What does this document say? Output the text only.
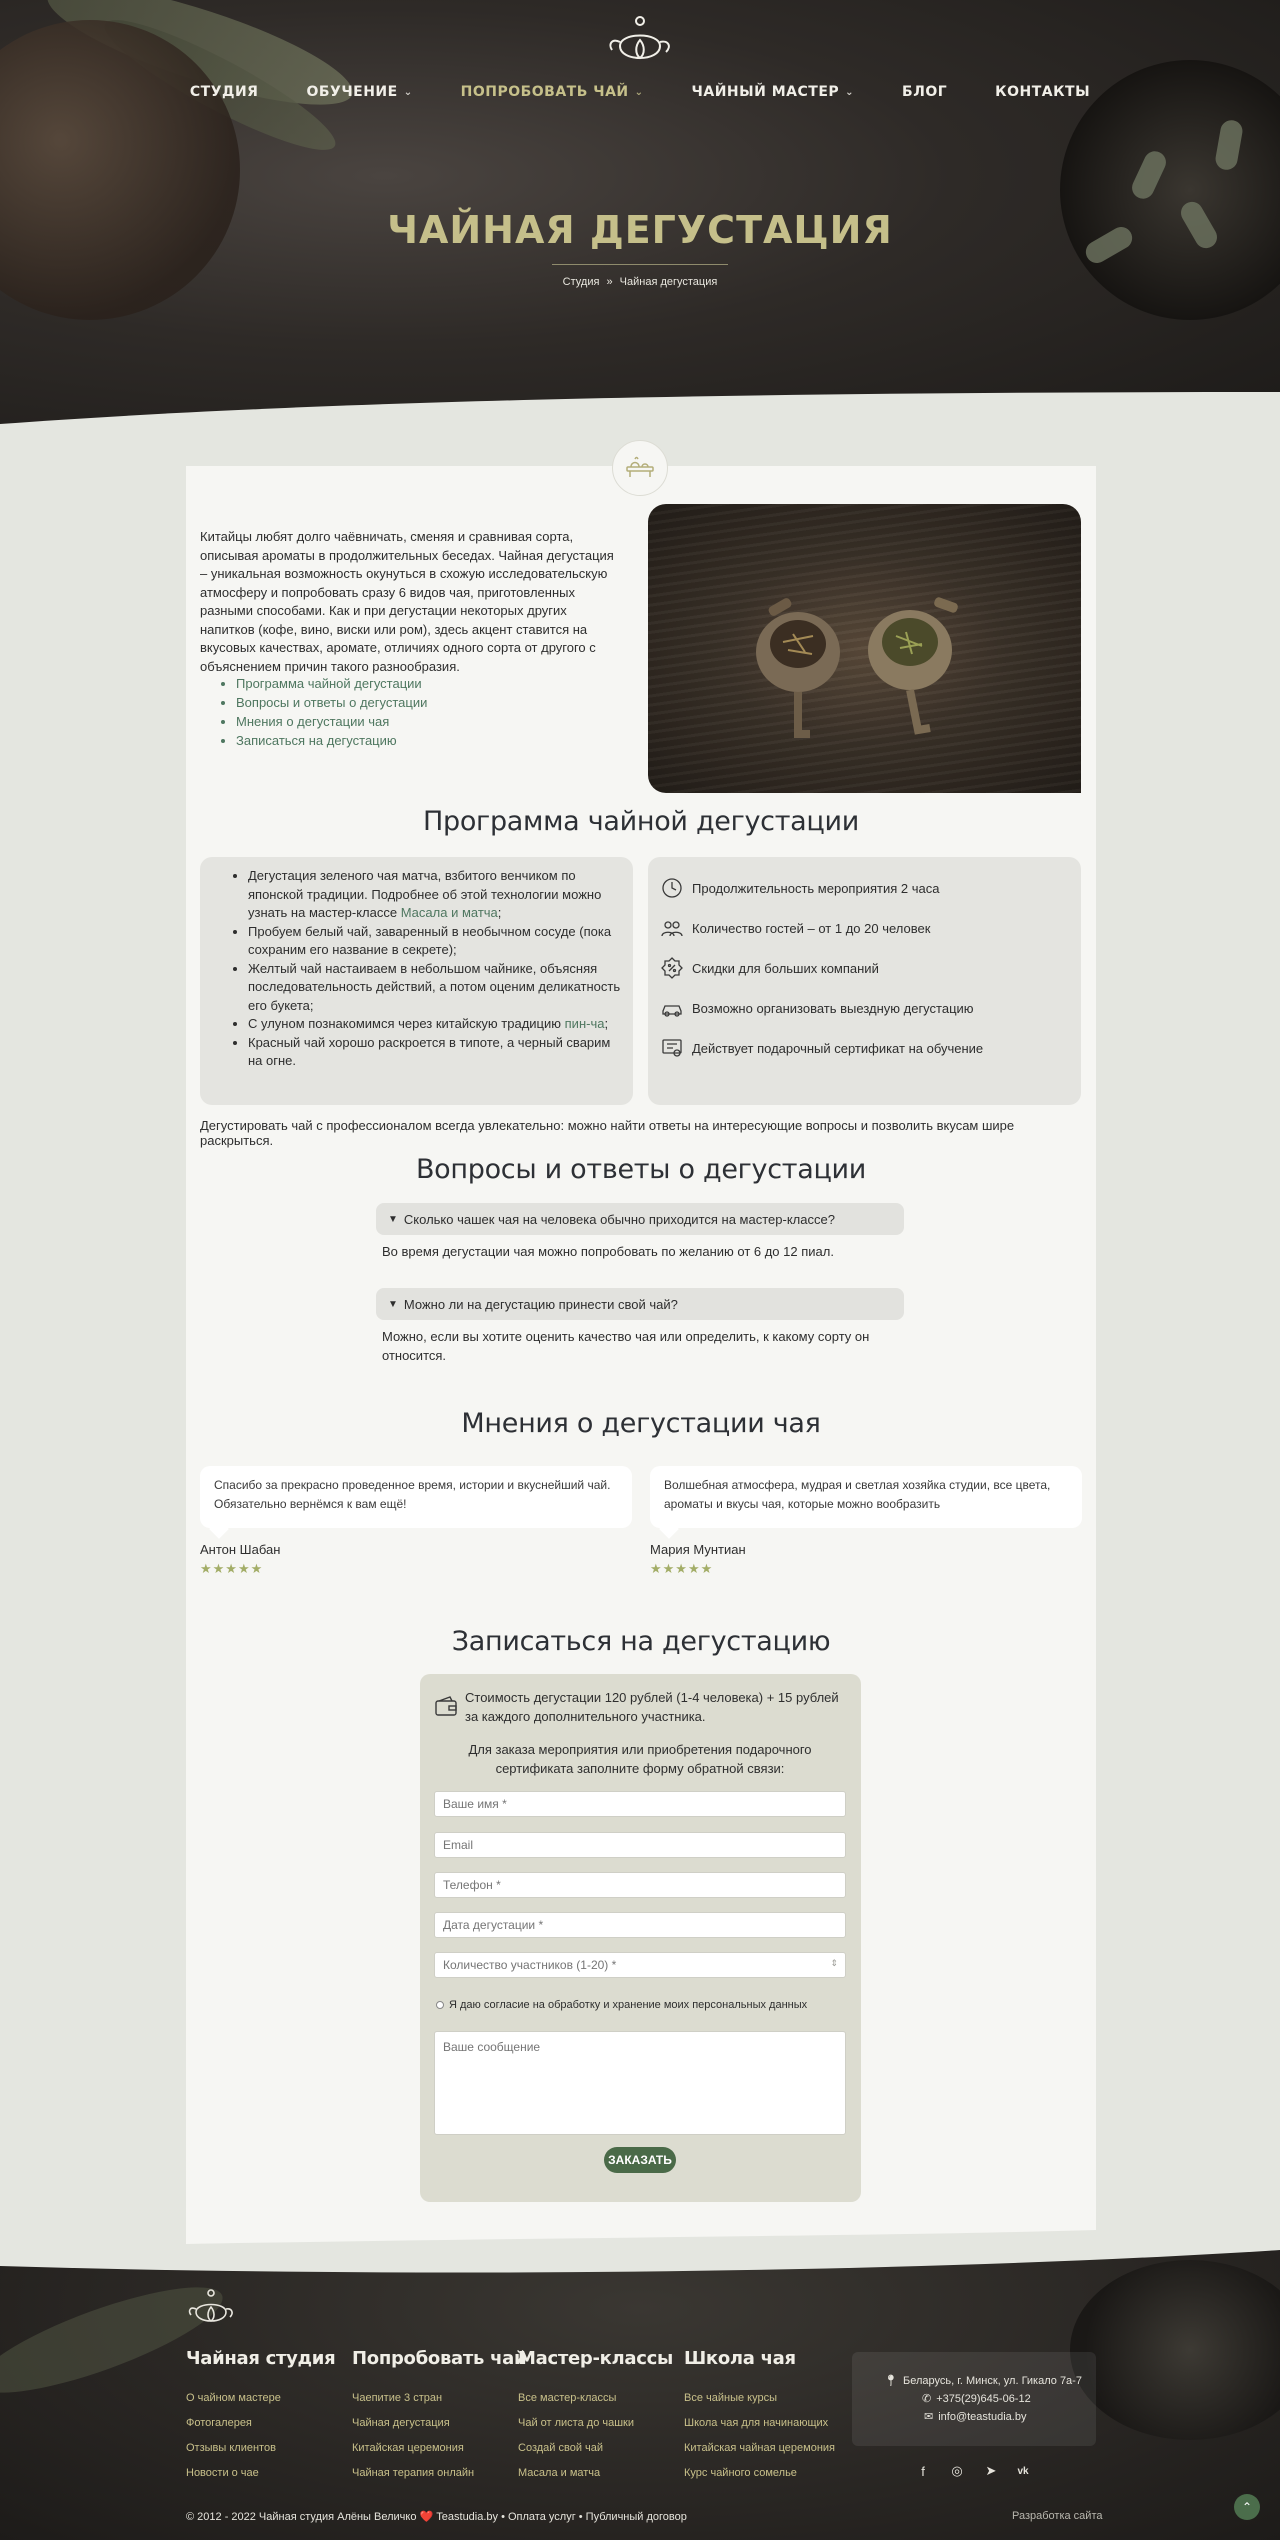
СТУДИЯ	ОБУЧЕНИЕ ⌄	ПОПРОБОВАТЬ ЧАЙ ⌄	ЧАЙНЫЙ МАСТЕР ⌄	БЛОГ	КОНТАКТЫ
ЧАЙНАЯ ДЕГУСТАЦИЯ
Студия » Чайная дегустация
Китайцы любят долго чаёвничать, сменяя и сравнивая сорта, описывая ароматы в продолжительных беседах. Чайная дегустация – уникальная возможность окунуться в схожую исследовательскую атмосферу и попробовать сразу 6 видов чая, приготовленных разными способами. Как и при дегустации некоторых других напитков (кофе, вино, виски или ром), здесь акцент ставится на вкусовых качествах, аромате, отличиях одного сорта от другого с объяснением причин такого разнообразия.
• Программа чайной дегустации
• Вопросы и ответы о дегустации
• Мнения о дегустации чая
• Записаться на дегустацию
Программа чайной дегустации
• Дегустация зеленого чая матча, взбитого венчиком по японской традиции. Подробнее об этой технологии можно узнать на мастер-классе Масала и матча;
• Пробуем белый чай, заваренный в необычном сосуде (пока сохраним его название в секрете);
• Желтый чай настаиваем в небольшом чайнике, объясняя последовательность действий, а потом оценим деликатность его букета;
• С улуном познакомимся через китайскую традицию пин-ча;
• Красный чай хорошо раскроется в типоте, а черный сварим на огне.
Продолжительность мероприятия 2 часа
Количество гостей – от 1 до 20 человек
Скидки для больших компаний
Возможно организовать выездную дегустацию
Действует подарочный сертификат на обучение
Дегустировать чай с профессионалом всегда увлекательно: можно найти ответы на интересующие вопросы и позволить вкусам шире раскрыться.
Вопросы и ответы о дегустации
▼ Сколько чашек чая на человека обычно приходится на мастер-классе?
Во время дегустации чая можно попробовать по желанию от 6 до 12 пиал.
▼ Можно ли на дегустацию принести свой чай?
Можно, если вы хотите оценить качество чая или определить, к какому сорту он относится.
Мнения о дегустации чая
Спасибо за прекрасно проведенное время, истории и вкуснейший чай. Обязательно вернёмся к вам ещё!
Антон Шабан
★★★★★
Волшебная атмосфера, мудрая и светлая хозяйка студии, все цвета, ароматы и вкусы чая, которые можно вообразить
Мария Мунтиан
★★★★★
Записаться на дегустацию
Стоимость дегустации 120 рублей (1-4 человека) + 15 рублей за каждого дополнительного участника.
Для заказа мероприятия или приобретения подарочного сертификата заполните форму обратной связи:
Ваше имя *
Email
Телефон *
Дата дегустации *
Количество участников (1-20) *
⇕
Я даю согласие на обработку и хранение моих персональных данных
Ваше сообщение
ЗАКАЗАТЬ
Чайная студия
О чайном мастере
Фотогалерея
Отзывы клиентов
Новости о чае
Попробовать чай
Чаепитие 3 стран
Чайная дегустация
Китайская церемония
Чайная терапия онлайн
Мастер-классы
Все мастер-классы
Чай от листа до чашки
Создай свой чай
Масала и матча
Школа чая
Все чайные курсы
Школа чая для начинающих
Китайская чайная церемония
Курс чайного сомелье
📍︎ Беларусь, г. Минск, ул. Гикало 7а-7
✆ +375(29)645-06-12
✉ info@teastudia.by
f	◎ ➤	vk
© 2012 - 2022 Чайная студия Алёны Величко ❤️ Teastudia.by • Оплата услуг • Публичный договор	Разработка сайта
⌃
